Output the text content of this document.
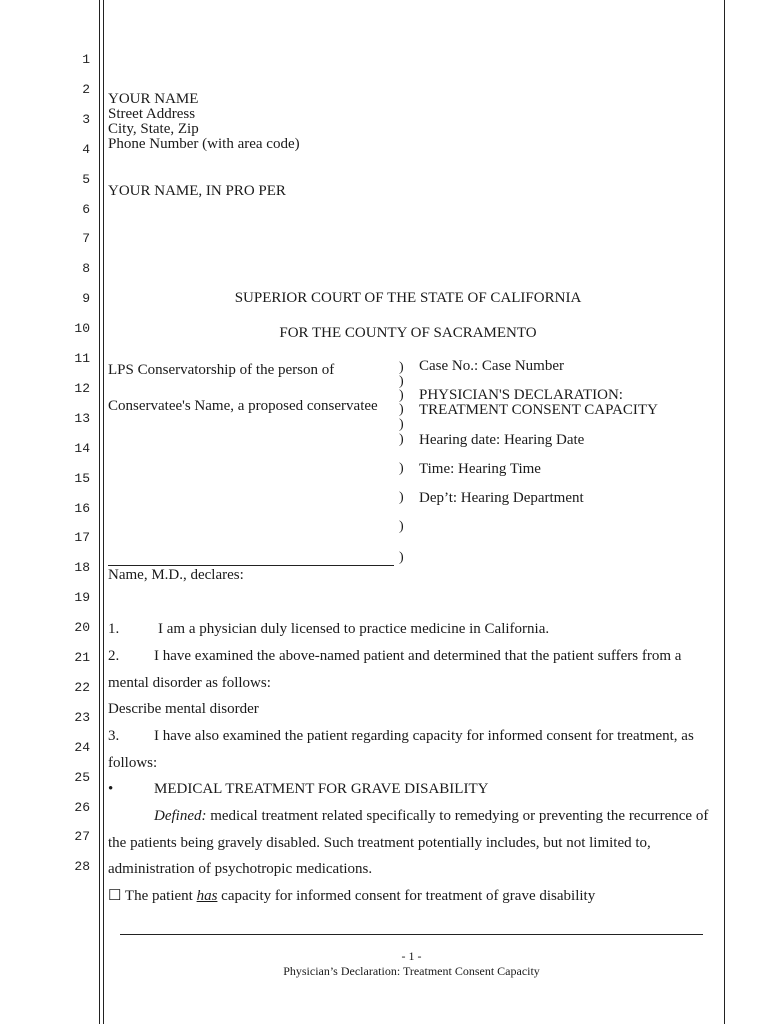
1
2
3
4
5
6
7
8
9
10
11
12
13
14
15
16
17
18
19
20
21
22
23
24
25
26
27
28
YOUR NAME
Street Address
City, State, Zip
Phone Number (with area code)
YOUR NAME, IN PRO PER
SUPERIOR COURT OF THE STATE OF CALIFORNIA
FOR THE COUNTY OF SACRAMENTO
LPS Conservatorship of the person of
Conservatee's Name, a proposed conservatee
)
)
)
)
)
)
)
)
)
)
Case No.: Case Number
PHYSICIAN'S DECLARATION:
TREATMENT CONSENT CAPACITY
Hearing date: Hearing Date
Time: Hearing Time
Dep’t: Hearing Department
Name, M.D., declares:
1.	I am a physician duly licensed to practice medicine in California.
2. I have examined the above-named patient and determined that the patient suffers from a
mental disorder as follows:
Describe mental disorder
3. I have also examined the patient regarding capacity for informed consent for treatment, as
follows:
•	MEDICAL TREATMENT FOR GRAVE DISABILITY
Defined: medical treatment related specifically to remedying or preventing the recurrence of
the patients being gravely disabled. Such treatment potentially includes, but not limited to,
administration of psychotropic medications.
☐ The patient has capacity for informed consent for treatment of grave disability
- 1 -
Physician’s Declaration: Treatment Consent Capacity
